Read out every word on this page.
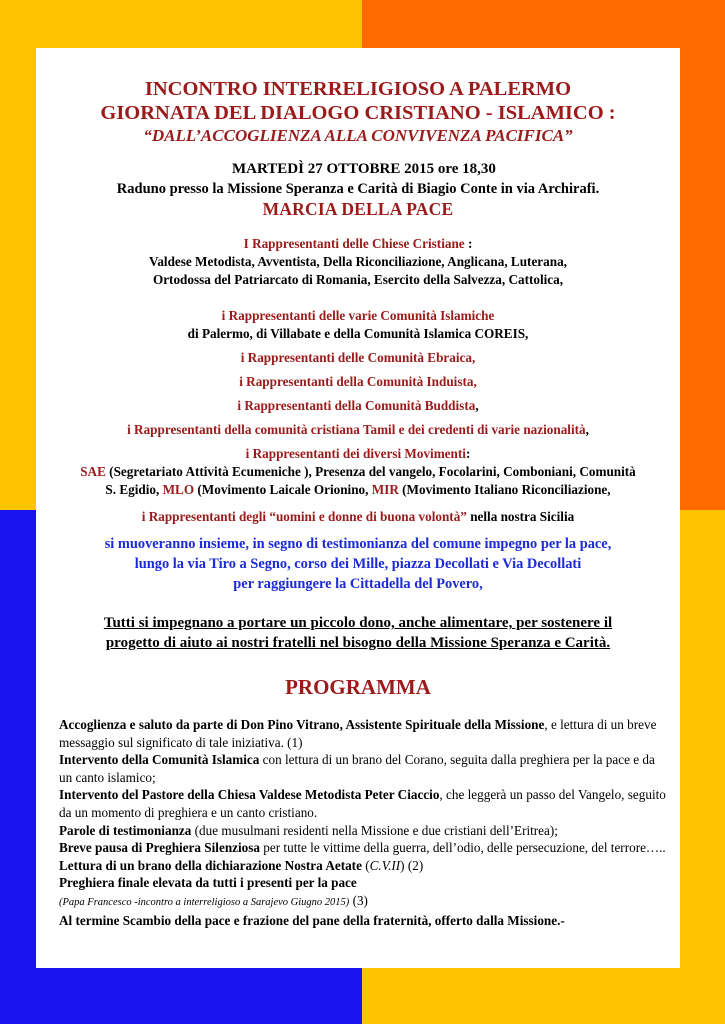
INCONTRO INTERRELIGIOSO A PALERMO
GIORNATA DEL DIALOGO CRISTIANO - ISLAMICO :
“DALL’ACCOGLIENZA ALLA CONVIVENZA PACIFICA”
MARTEDÌ 27 OTTOBRE 2015 ore 18,30
Raduno presso la Missione Speranza e Carità di Biagio Conte in via Archirafi.
MARCIA DELLA PACE
I Rappresentanti delle Chiese Cristiane :
Valdese Metodista, Avventista, Della Riconciliazione, Anglicana, Luterana,
Ortodossa del Patriarcato di Romania, Esercito della Salvezza, Cattolica,
i Rappresentanti delle varie Comunità Islamiche
di Palermo, di Villabate e della Comunità Islamica COREIS,
i Rappresentanti delle Comunità Ebraica,
i Rappresentanti della Comunità Induista,
i Rappresentanti della Comunità Buddista,
i Rappresentanti della comunità cristiana Tamil e dei credenti di varie nazionalità,
i Rappresentanti dei diversi Movimenti:
SAE (Segretariato Attività Ecumeniche ), Presenza del vangelo, Focolarini, Comboniani, Comunità
S. Egidio, MLO (Movimento Laicale Orionino, MIR (Movimento Italiano Riconciliazione,
i Rappresentanti degli “uomini e donne di buona volontà” nella nostra Sicilia
si muoveranno insieme, in segno di testimonianza del comune impegno per la pace,
lungo la via Tiro a Segno, corso dei Mille, piazza Decollati e Via Decollati
per raggiungere la Cittadella del Povero,
Tutti si impegnano a portare un piccolo dono, anche alimentare, per sostenere il
progetto di aiuto ai nostri fratelli nel bisogno della Missione Speranza e Carità.
PROGRAMMA
Accoglienza e saluto da parte di Don Pino Vitrano, Assistente Spirituale della Missione, e lettura di un breve messaggio sul significato di tale iniziativa. (1)
Intervento della Comunità Islamica con lettura di un brano del Corano, seguita dalla preghiera per la pace e da un canto islamico;
Intervento del Pastore della Chiesa Valdese Metodista Peter Ciaccio, che leggerà un passo del Vangelo, seguito da un momento di preghiera e un canto cristiano.
Parole di testimonianza (due musulmani residenti nella Missione e due cristiani dell’Eritrea);
Breve pausa di Preghiera Silenziosa per tutte le vittime della guerra, dell’odio, delle persecuzione, del terrore…..
Lettura di un brano della dichiarazione Nostra Aetate (C.V.II) (2)
Preghiera finale elevata da tutti i presenti per la pace
(Papa Francesco -incontro a interreligioso a Sarajevo Giugno 2015) (3)
Al termine Scambio della pace e frazione del pane della fraternità, offerto dalla Missione.-
